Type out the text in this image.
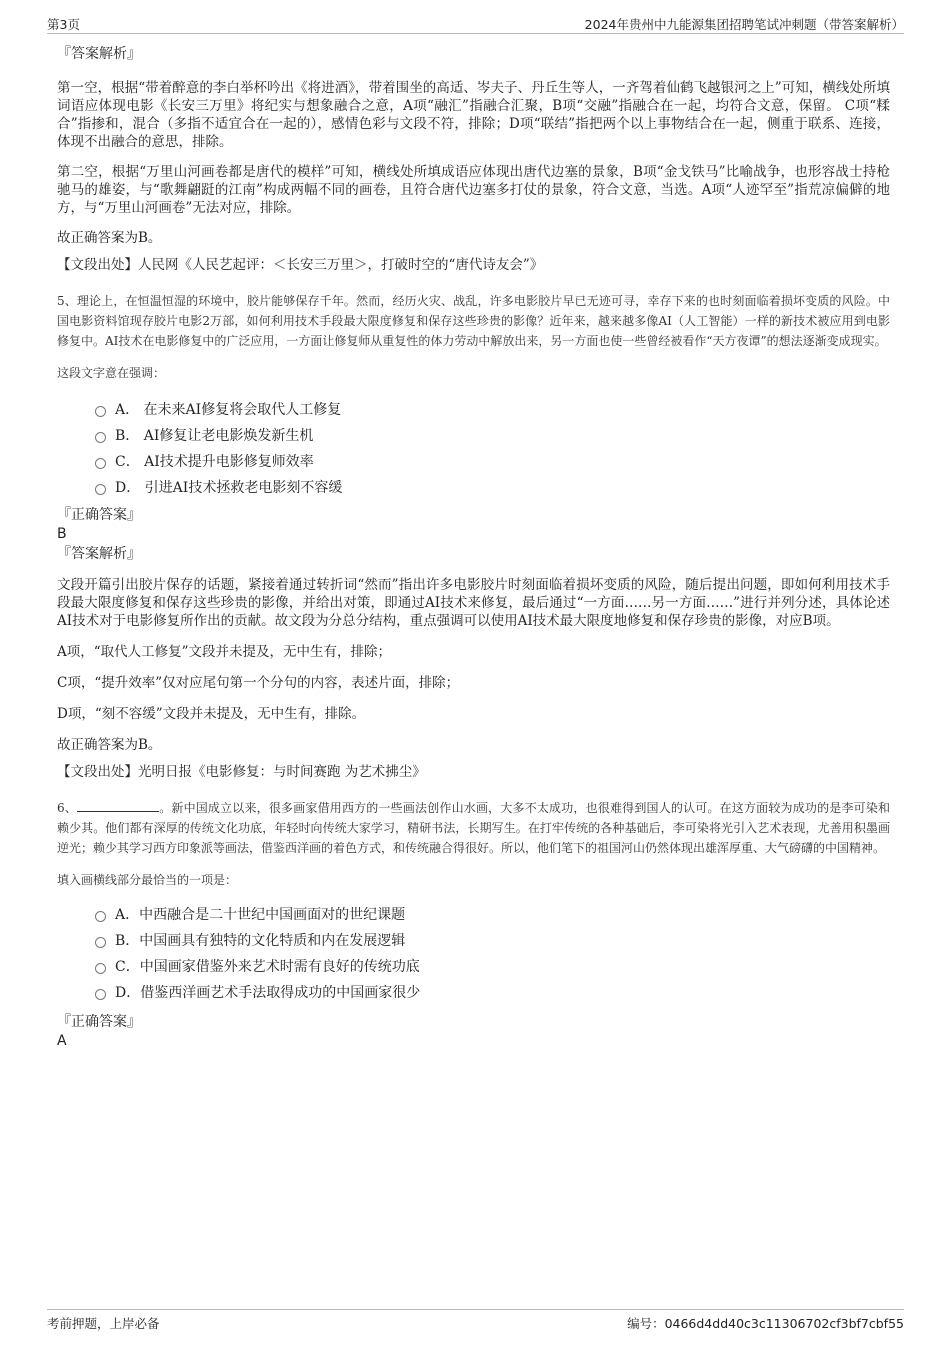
第3页	2024年贵州中九能源集团招聘笔试冲刺题（带答案解析）

『答案解析』

第一空，根据“带着醉意的李白举杯吟出《将进酒》，带着围坐的高适、岑夫子、丹丘生等人，一齐驾着仙鹤飞越银河之上”可知，横线处所填词语应体现电影《长安三万里》将纪实与想象融合之意，A项“融汇”指融合汇聚，B项“交融”指融合在一起，均符合文意，保留。 C项“糅合”指掺和，混合（多指不适宜合在一起的），感情色彩与文段不符，排除；D项“联结”指把两个以上事物结合在一起，侧重于联系、连接，体现不出融合的意思，排除。

第二空，根据“万里山河画卷都是唐代的模样”可知，横线处所填成语应体现出唐代边塞的景象，B项“金戈铁马”比喻战争，也形容战士持枪驰马的雄姿，与“歌舞翩跹的江南”构成两幅不同的画卷，且符合唐代边塞多打仗的景象，符合文意，当选。A项“人迹罕至”指荒凉偏僻的地方，与“万里山河画卷”无法对应，排除。

故正确答案为B。

【文段出处】人民网《人民艺起评：＜长安三万里＞，打破时空的“唐代诗友会”》

5、理论上，在恒温恒湿的环境中，胶片能够保存千年。然而，经历火灾、战乱，许多电影胶片早已无迹可寻，幸存下来的也时刻面临着损坏变质的风险。中国电影资料馆现存胶片电影2万部，如何利用技术手段最大限度修复和保存这些珍贵的影像？近年来，越来越多像AI（人工智能）一样的新技术被应用到电影修复中。AI技术在电影修复中的广泛应用，一方面让修复师从重复性的体力劳动中解放出来，另一方面也使一些曾经被看作“天方夜谭”的想法逐渐变成现实。

这段文字意在强调：

A． 在未来AI修复将会取代人工修复
B． AI修复让老电影焕发新生机
C． AI技术提升电影修复师效率
D． 引进AI技术拯救老电影刻不容缓

『正确答案』

B

『答案解析』

文段开篇引出胶片保存的话题，紧接着通过转折词“然而”指出许多电影胶片时刻面临着损坏变质的风险，随后提出问题，即如何利用技术手段最大限度修复和保存这些珍贵的影像，并给出对策，即通过AI技术来修复，最后通过“一方面……另一方面……”进行并列分述，具体论述AI技术对于电影修复所作出的贡献。故文段为分总分结构，重点强调可以使用AI技术最大限度地修复和保存珍贵的影像，对应B项。

A项，“取代人工修复”文段并未提及，无中生有，排除；

C项，“提升效率”仅对应尾句第一个分句的内容，表述片面，排除；

D项，“刻不容缓”文段并未提及，无中生有，排除。

故正确答案为B。

【文段出处】光明日报《电影修复：与时间赛跑 为艺术拂尘》

6、	。新中国成立以来，很多画家借用西方的一些画法创作山水画，大多不太成功，也很难得到国人的认可。在这方面较为成功的是李可染和赖少其。他们都有深厚的传统文化功底，年轻时向传统大家学习，精研书法，长期写生。在打牢传统的各种基础后，李可染将光引入艺术表现，尤善用积墨画逆光；赖少其学习西方印象派等画法，借鉴西洋画的着色方式，和传统融合得很好。所以，他们笔下的祖国河山仍然体现出雄浑厚重、大气磅礴的中国精神。

填入画横线部分最恰当的一项是：

A．中西融合是二十世纪中国画面对的世纪课题
B．中国画具有独特的文化特质和内在发展逻辑
C．中国画家借鉴外来艺术时需有良好的传统功底
D．借鉴西洋画艺术手法取得成功的中国画家很少

『正确答案』

A

考前押题，上岸必备	编号：0466d4dd40c3c11306702cf3bf7cbf55
